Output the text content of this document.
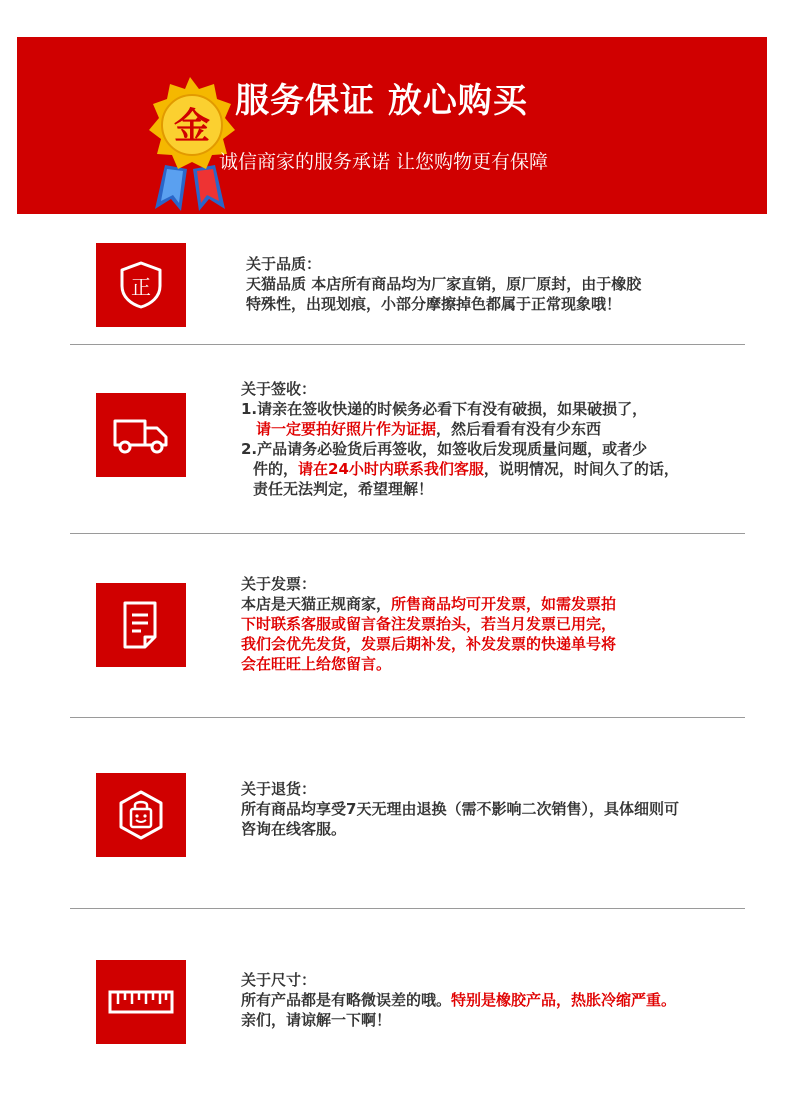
金
服务保证 放心购买
诚信商家的服务承诺 让您购物更有保障
正
关于品质：
天猫品质 本店所有商品均为厂家直销，原厂原封，由于橡胶
特殊性，出现划痕，小部分摩擦掉色都属于正常现象哦！
关于签收：
1.请亲在签收快递的时候务必看下有没有破损，如果破损了，
请一定要拍好照片作为证据，然后看看有没有少东西
2.产品请务必验货后再签收，如签收后发现质量问题，或者少
件的，请在24小时内联系我们客服，说明情况，时间久了的话，
责任无法判定，希望理解！
关于发票：
本店是天猫正规商家，所售商品均可开发票，如需发票拍
下时联系客服或留言备注发票抬头，若当月发票已用完，
我们会优先发货，发票后期补发，补发发票的快递单号将
会在旺旺上给您留言。
关于退货：
所有商品均享受7天无理由退换（需不影响二次销售），具体细则可
咨询在线客服。
关于尺寸：
所有产品都是有略微误差的哦。特别是橡胶产品，热胀冷缩严重。
亲们，请谅解一下啊！
